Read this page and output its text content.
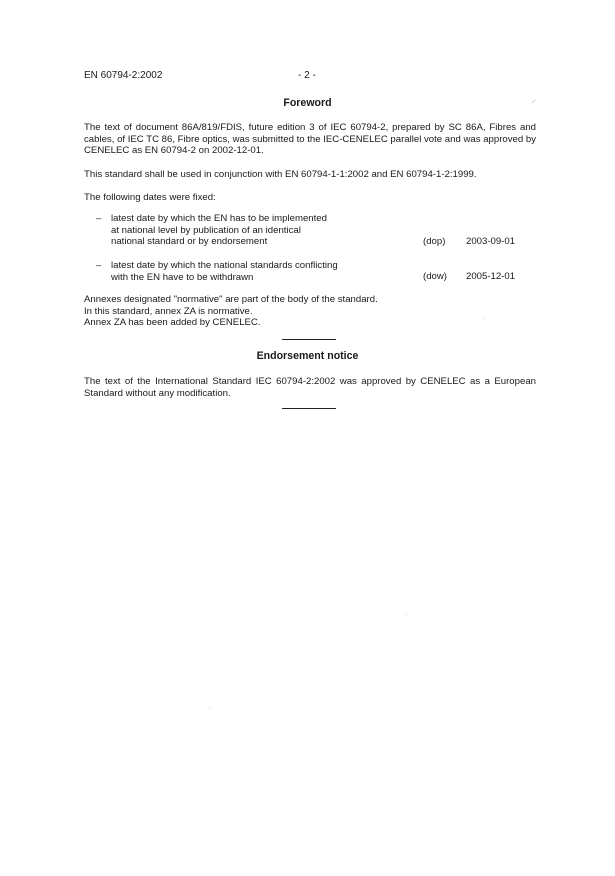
EN 60794-2:2002	- 2 -
Foreword
The text of document 86A/819/FDIS, future edition 3 of IEC 60794-2, prepared by SC 86A, Fibres and cables, of IEC TC 86, Fibre optics, was submitted to the IEC-CENELEC parallel vote and was approved by CENELEC as EN 60794-2 on 2002-12-01.
This standard shall be used in conjunction with EN 60794-1-1:2002 and EN 60794-1-2:1999.
The following dates were fixed:
– latest date by which the EN has to be implemented
at national level by publication of an identical
national standard or by endorsement	(dop) 2003-09-01
– latest date by which the national standards conflicting
with the EN have to be withdrawn	(dow) 2005-12-01
Annexes designated "normative" are part of the body of the standard.
In this standard, annex ZA is normative.
Annex ZA has been added by CENELEC.
Endorsement notice
The text of the International Standard IEC 60794-2:2002 was approved by CENELEC as a European Standard without any modification.
